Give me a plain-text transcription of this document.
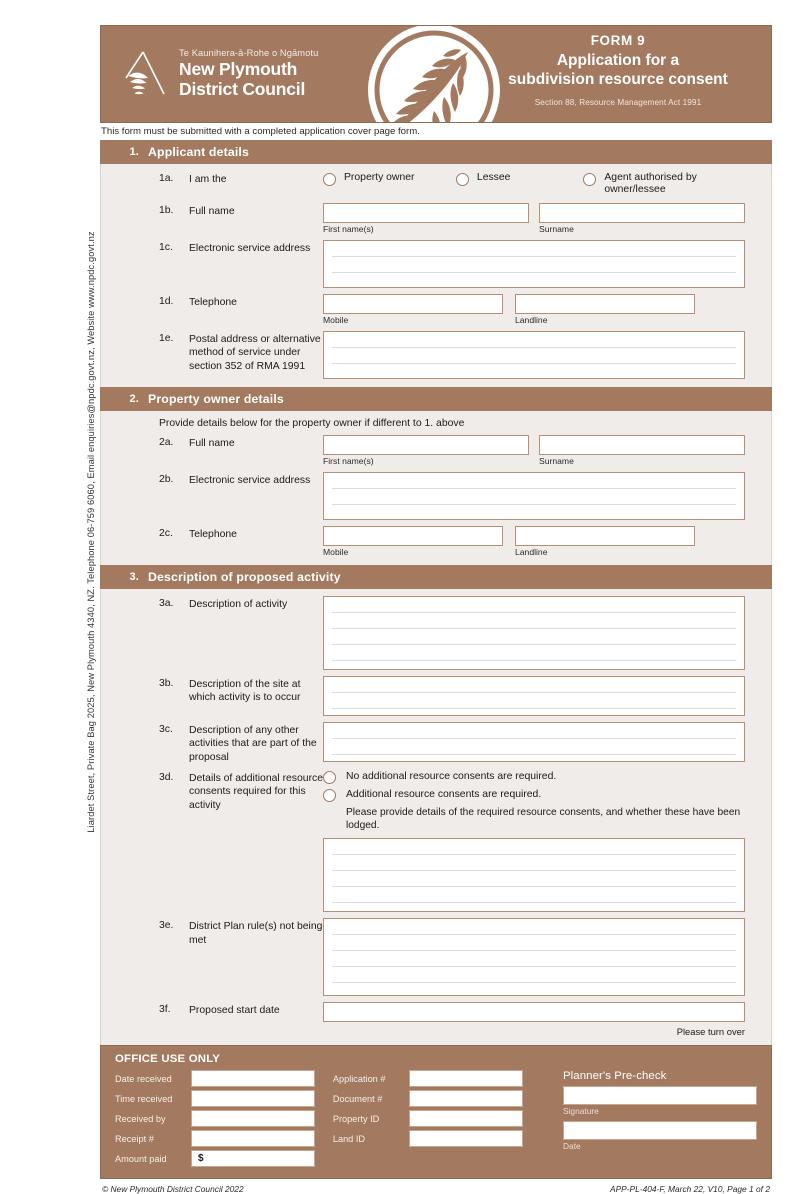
Liardet Street, Private Bag 2025, New Plymouth 4340, NZ. Telephone 06-759 6060, Email enquiries@npdc.govt.nz, Website www.npdc.govt.nz
Te Kaunihera-ā-Rohe o Ngāmotu
New Plymouth
District Council
FORM 9
Application for a
subdivision resource consent
Section 88, Resource Management Act 1991
This form must be submitted with a completed application cover page form.
1. Applicant details
1a.	I am the	Property owner	Lessee	Agent authorised by owner/lessee
1b.	Full name
First name(s)	Surname
1c.	Electronic service address
1d.	Telephone
Mobile	Landline
1e.	Postal address or alternative method of service under section 352 of RMA 1991
2. Property owner details
Provide details below for the property owner if different to 1. above
2a.	Full name
First name(s)	Surname
2b.	Electronic service address
2c.	Telephone
Mobile	Landline
3. Description of proposed activity
3a.	Description of activity
3b.	Description of the site at which activity is to occur
3c.	Description of any other activities that are part of the proposal
3d.	Details of additional resource consents required for this activity
No additional resource consents are required.
Additional resource consents are required.
Please provide details of the required resource consents, and whether these have been lodged.
3e.	District Plan rule(s) not being met
3f.	Proposed start date
Please turn over
OFFICE USE ONLY
Date received
Time received
Received by
Receipt #
Amount paid	$
Application #
Document #
Property ID
Land ID
Planner's Pre-check
Signature
Date
© New Plymouth District Council 2022	APP-PL-404-F, March 22, V10, Page 1 of 2
